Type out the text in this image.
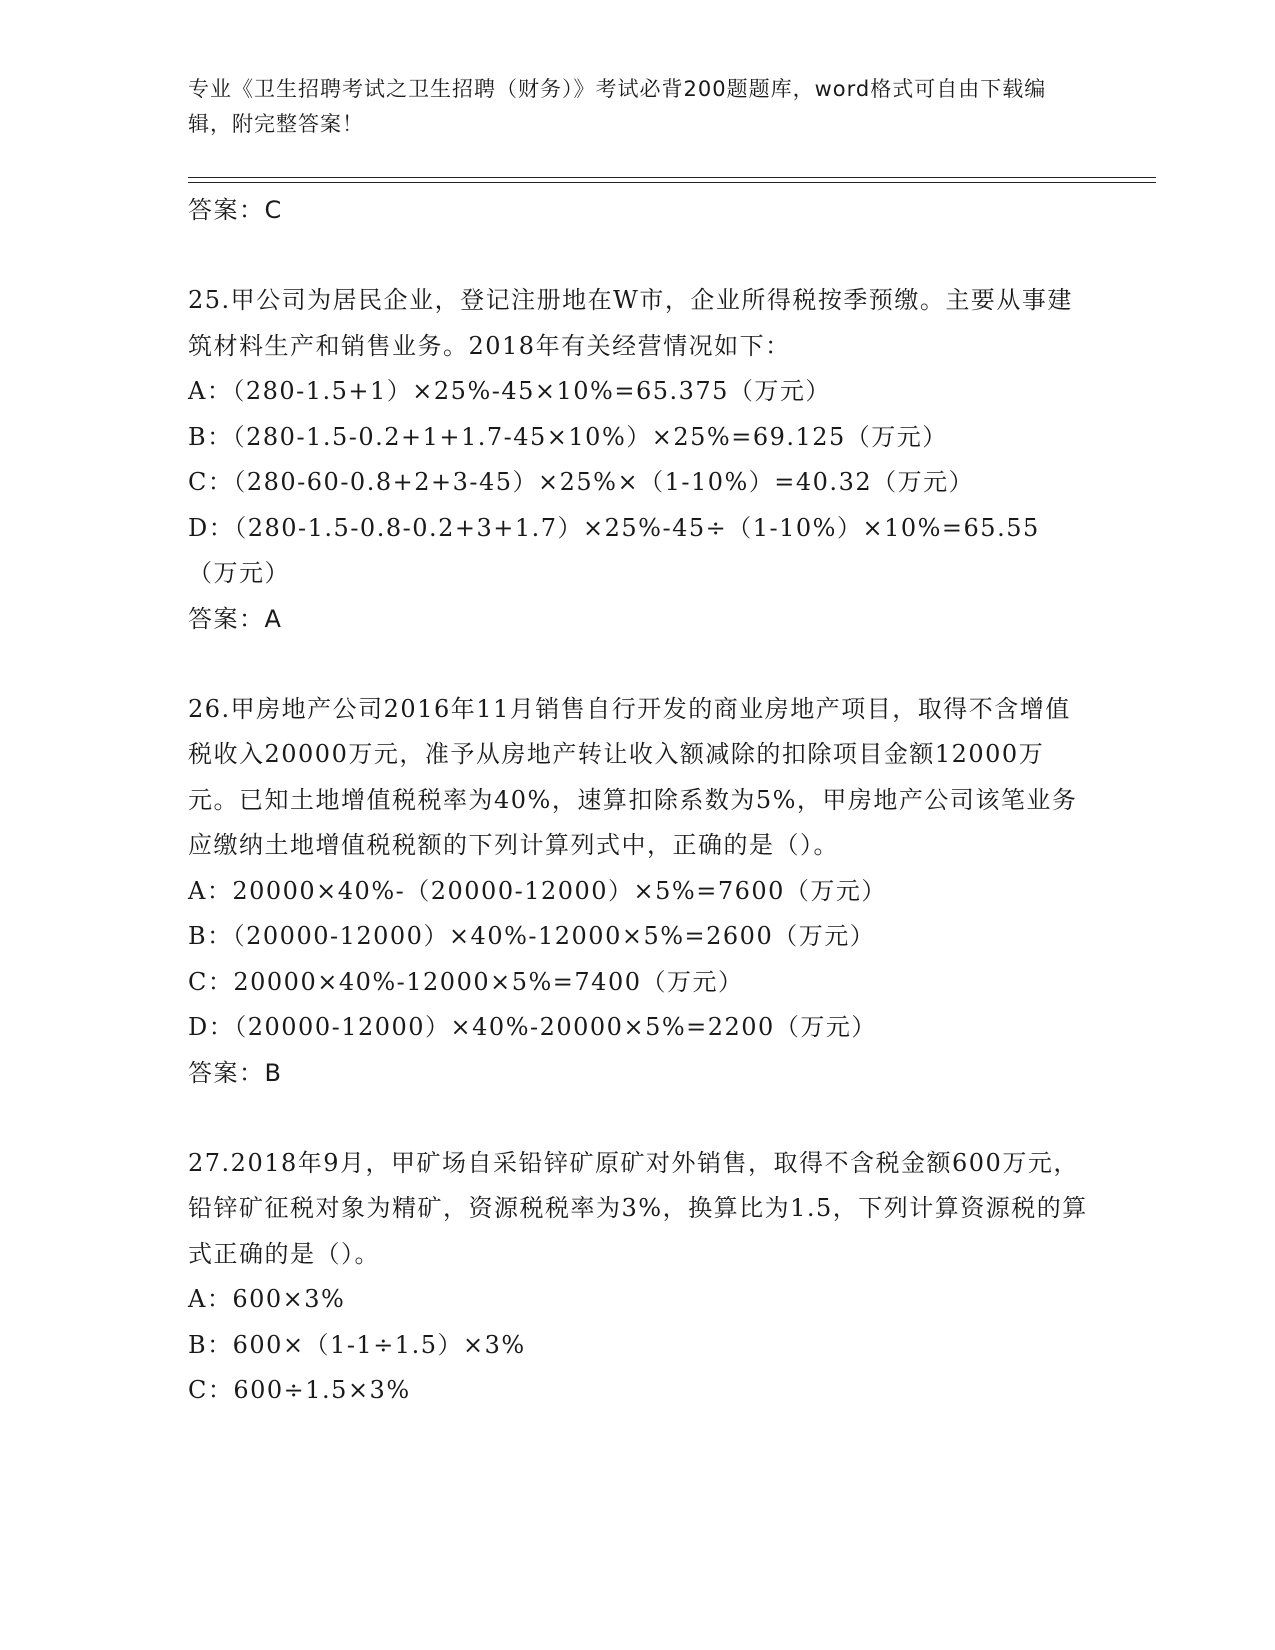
专业《卫生招聘考试之卫生招聘（财务）》考试必背200题题库，word格式可自由下载编辑，附完整答案！

答案：C

25.甲公司为居民企业，登记注册地在W市，企业所得税按季预缴。主要从事建筑材料生产和销售业务。2018年有关经营情况如下：

A：（280-1.5+1）×25%-45×10%=65.375（万元）

B：（280-1.5-0.2+1+1.7-45×10%）×25%=69.125（万元）

C：（280-60-0.8+2+3-45）×25%×（1-10%）=40.32（万元）

D：（280-1.5-0.8-0.2+3+1.7）×25%-45÷（1-10%）×10%=65.55（万元）

答案：A

26.甲房地产公司2016年11月销售自行开发的商业房地产项目，取得不含增值税收入20000万元，准予从房地产转让收入额减除的扣除项目金额12000万元。已知土地增值税税率为40%，速算扣除系数为5%，甲房地产公司该笔业务应缴纳土地增值税税额的下列计算列式中，正确的是（）。

A：20000×40%-（20000-12000）×5%=7600（万元）

B：（20000-12000）×40%-12000×5%=2600（万元）

C：20000×40%-12000×5%=7400（万元）

D：（20000-12000）×40%-20000×5%=2200（万元）

答案：B

27.2018年9月，甲矿场自采铅锌矿原矿对外销售，取得不含税金额600万元，铅锌矿征税对象为精矿，资源税税率为3%，换算比为1.5，下列计算资源税的算式正确的是（）。

A：600×3%

B：600×（1-1÷1.5）×3%

C：600÷1.5×3%
